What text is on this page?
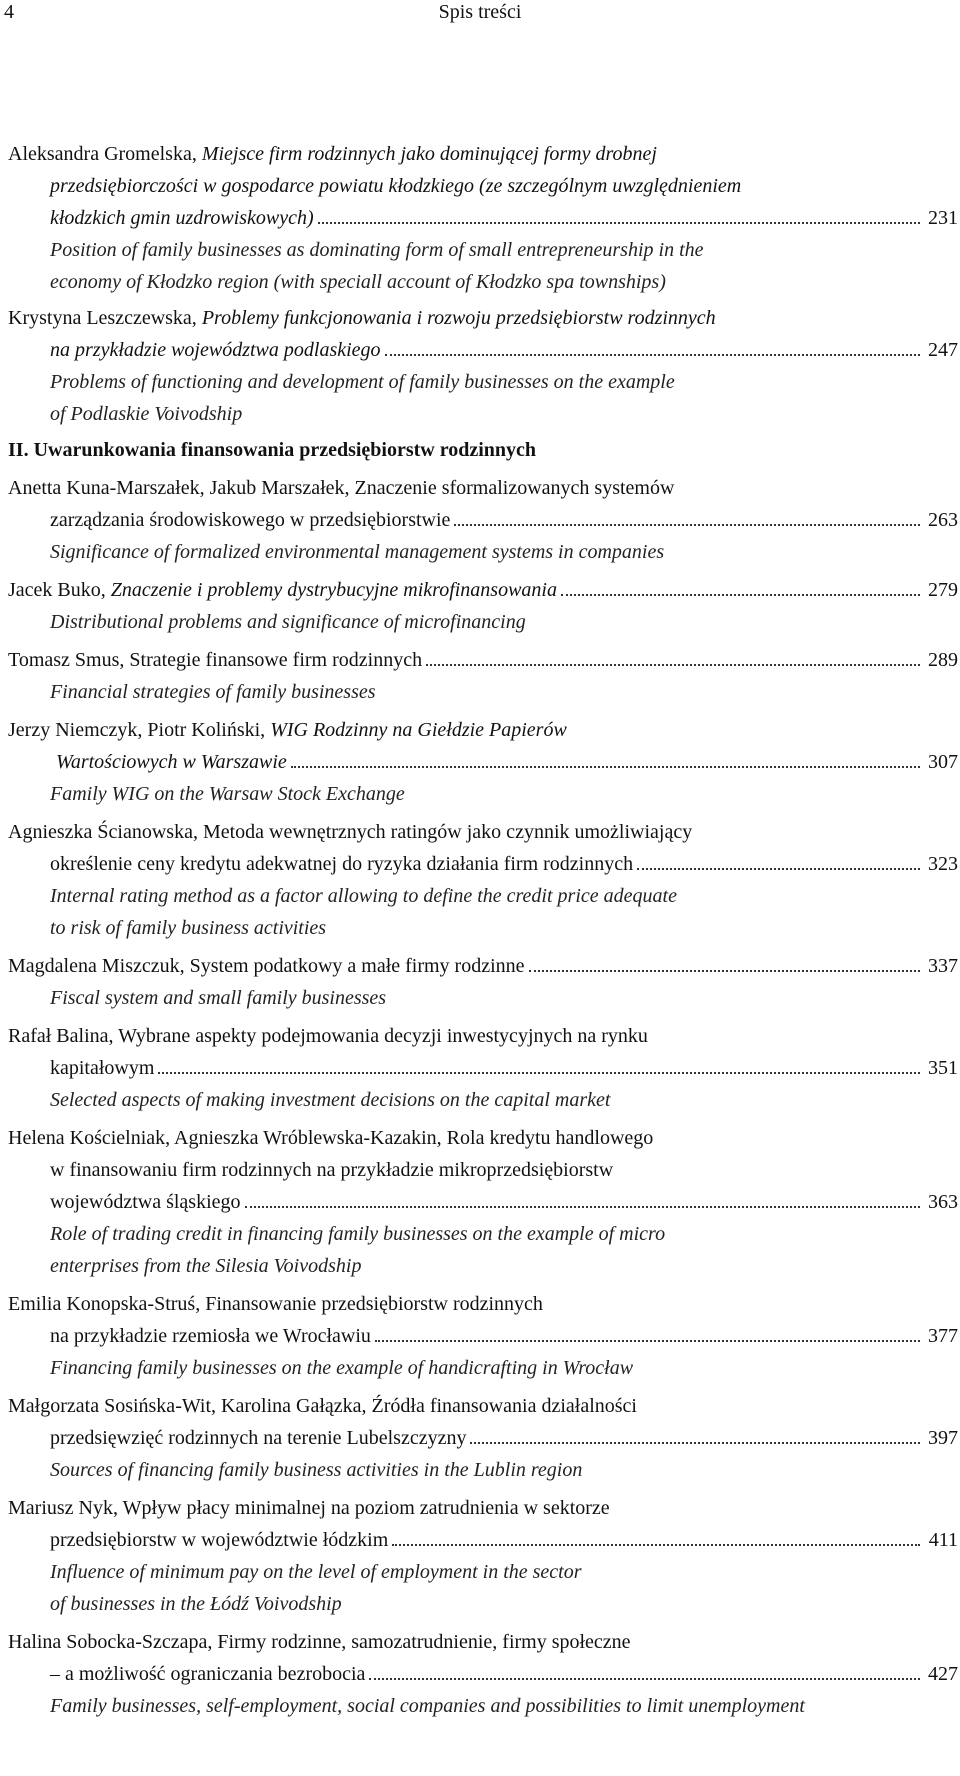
4	Spis treści
Aleksandra Gromelska, Miejsce firm rodzinnych jako dominującej formy drobnej
przedsiębiorczości w gospodarce powiatu kłodzkiego (ze szczególnym uwzględnieniem
kłodzkich gmin uzdrowiskowych)	231
Position of family businesses as dominating form of small entrepreneurship in the
economy of Kłodzko region (with speciall account of Kłodzko spa townships)
Krystyna Leszczewska, Problemy funkcjonowania i rozwoju przedsiębiorstw rodzinnych
na przykładzie województwa podlaskiego	247
Problems of functioning and development of family businesses on the example
of Podlaskie Voivodship
II. Uwarunkowania finansowania przedsiębiorstw rodzinnych
Anetta Kuna-Marszałek, Jakub Marszałek, Znaczenie sformalizowanych systemów
zarządzania środowiskowego w przedsiębiorstwie	263
Significance of formalized environmental management systems in companies
Jacek Buko, Znaczenie i problemy dystrybucyjne mikrofinansowania	279
Distributional problems and significance of microfinancing
Tomasz Smus, Strategie finansowe firm rodzinnych	289
Financial strategies of family businesses
Jerzy Niemczyk, Piotr Koliński, WIG Rodzinny na Giełdzie Papierów
Wartościowych w Warszawie	307
Family WIG on the Warsaw Stock Exchange
Agnieszka Ścianowska, Metoda wewnętrznych ratingów jako czynnik umożliwiający
określenie ceny kredytu adekwatnej do ryzyka działania firm rodzinnych	323
Internal rating method as a factor allowing to define the credit price adequate
to risk of family business activities
Magdalena Miszczuk, System podatkowy a małe firmy rodzinne	337
Fiscal system and small family businesses
Rafał Balina, Wybrane aspekty podejmowania decyzji inwestycyjnych na rynku
kapitałowym	351
Selected aspects of making investment decisions on the capital market
Helena Kościelniak, Agnieszka Wróblewska-Kazakin, Rola kredytu handlowego
w finansowaniu firm rodzinnych na przykładzie mikroprzedsiębiorstw
województwa śląskiego	363
Role of trading credit in financing family businesses on the example of micro
enterprises from the Silesia Voivodship
Emilia Konopska-Struś, Finansowanie przedsiębiorstw rodzinnych
na przykładzie rzemiosła we Wrocławiu	377
Financing family businesses on the example of handicrafting in Wrocław
Małgorzata Sosińska-Wit, Karolina Gałązka, Źródła finansowania działalności
przedsięwzięć rodzinnych na terenie Lubelszczyzny	397
Sources of financing family business activities in the Lublin region
Mariusz Nyk, Wpływ płacy minimalnej na poziom zatrudnienia w sektorze
przedsiębiorstw w województwie łódzkim	411
Influence of minimum pay on the level of employment in the sector
of businesses in the Łódź Voivodship
Halina Sobocka-Szczapa, Firmy rodzinne, samozatrudnienie, firmy społeczne
– a możliwość ograniczania bezrobocia	427
Family businesses, self-employment, social companies and possibilities to limit unemployment
